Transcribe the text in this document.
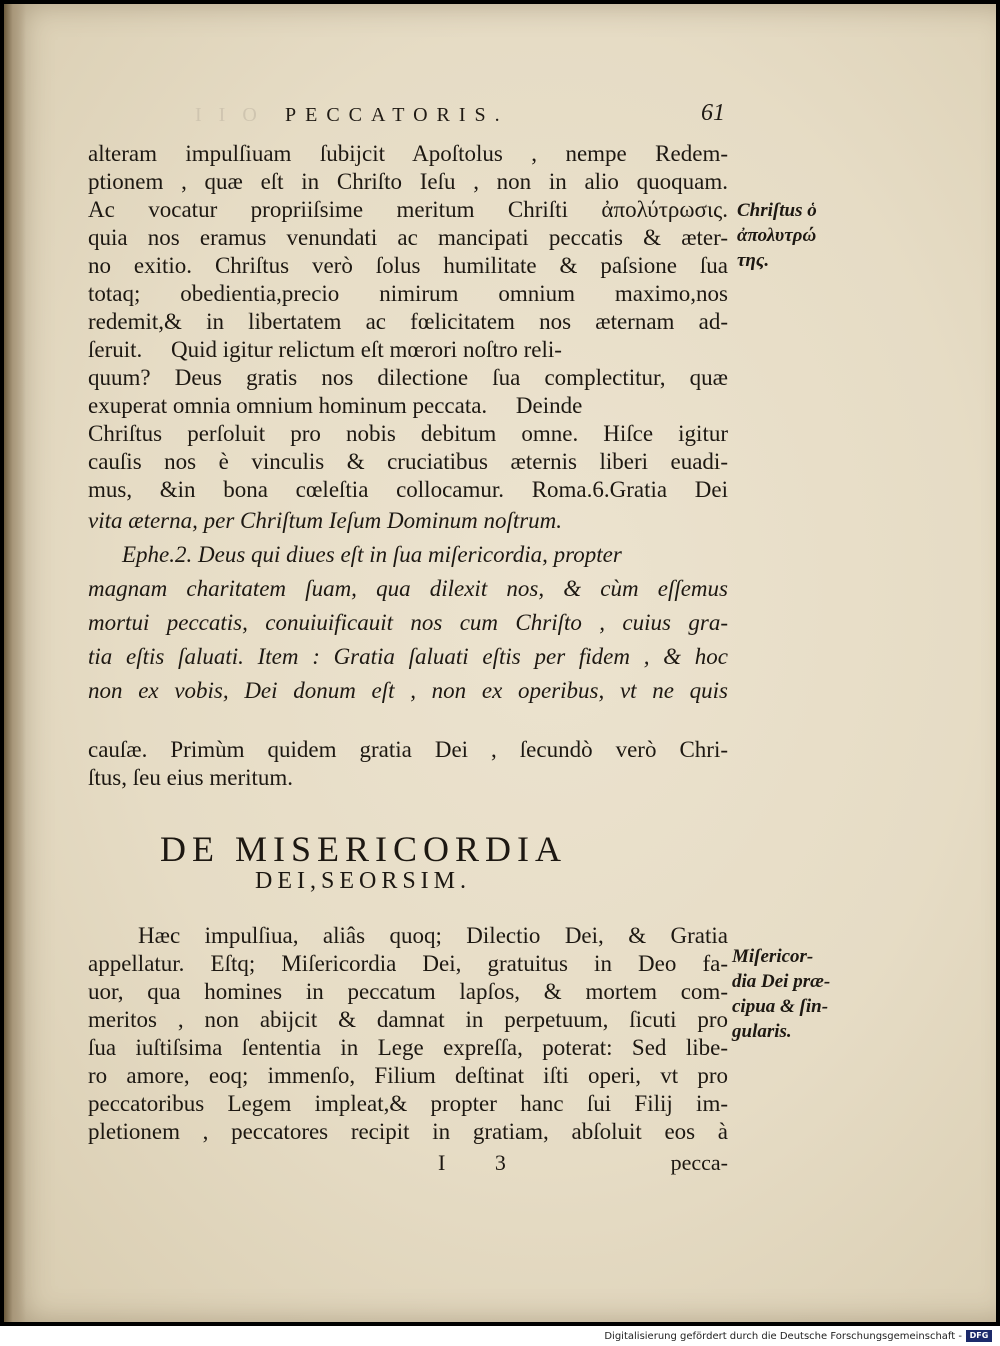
I I O PECCATORIS.	61
alteram impulſiuam ſubijcit Apoſtolus , nempe Redem-
ptionem , quæ eſt in Chriſto Ieſu , non in alio quoquam.
Ac vocatur propriiſsime meritum Chriſti ἀπολύτρωσις.
quia nos eramus venundati ac mancipati peccatis & æter-
no exitio. Chriſtus verò ſolus humilitate & paſsione ſua
totaq; obedientia,precio nimirum omnium maximo,nos
redemit,& in libertatem ac fœlicitatem nos æternam ad-
ſeruit.     Quid igitur relictum eſt mœrori noſtro reli-
quum? Deus gratis nos dilectione ſua complectitur, quæ
exuperat omnia omnium hominum peccata.     Deinde
Chriſtus perſoluit pro nobis debitum omne. Hiſce igitur
cauſis nos è vinculis & cruciatibus æternis liberi euadi-
mus, &in bona cœleſtia collocamur. Roma.6.Gratia Dei
vita æterna, per Chriſtum Ieſum Dominum noſtrum.
Ephe.2. Deus qui diues eſt in ſua miſericordia, propter
magnam charitatem ſuam, qua dilexit nos, & cùm eſſemus
mortui peccatis, conuiuificauit nos cum Chriſto , cuius gra-
tia eſtis ſaluati. Item : Gratia ſaluati eſtis per fidem , & hoc
non ex vobis, Dei donum eſt , non ex operibus, vt ne quis

cauſæ. Primùm quidem gratia Dei , ſecundò verò Chri-
ſtus, ſeu eius meritum.
DE MISERICORDIA
DEI,SEORSIM.
Hæc impulſiua, aliâs quoq; Dilectio Dei, & Gratia
appellatur. Eſtq; Miſericordia Dei, gratuitus in Deo fa-
uor, qua homines in peccatum lapſos, & mortem com-
meritos , non abijcit & damnat in perpetuum, ſicuti pro
ſua iuſtiſsima ſententia in Lege expreſſa, poterat: Sed libe-
ro amore, eoq; immenſo, Filium deſtinat iſti operi, vt pro
peccatoribus Legem impleat,& propter hanc ſui Filij im-
pletionem , peccatores recipit in gratiam, abſoluit eos à
I 3	pecca-
Chriſtus ὁ
ἀπολυτρώ
της.
Miſericor-
dia Dei præ-
cipua & ſin-
gularis.
Digitalisierung gefördert durch die Deutsche Forschungsgemeinschaft - DFG
